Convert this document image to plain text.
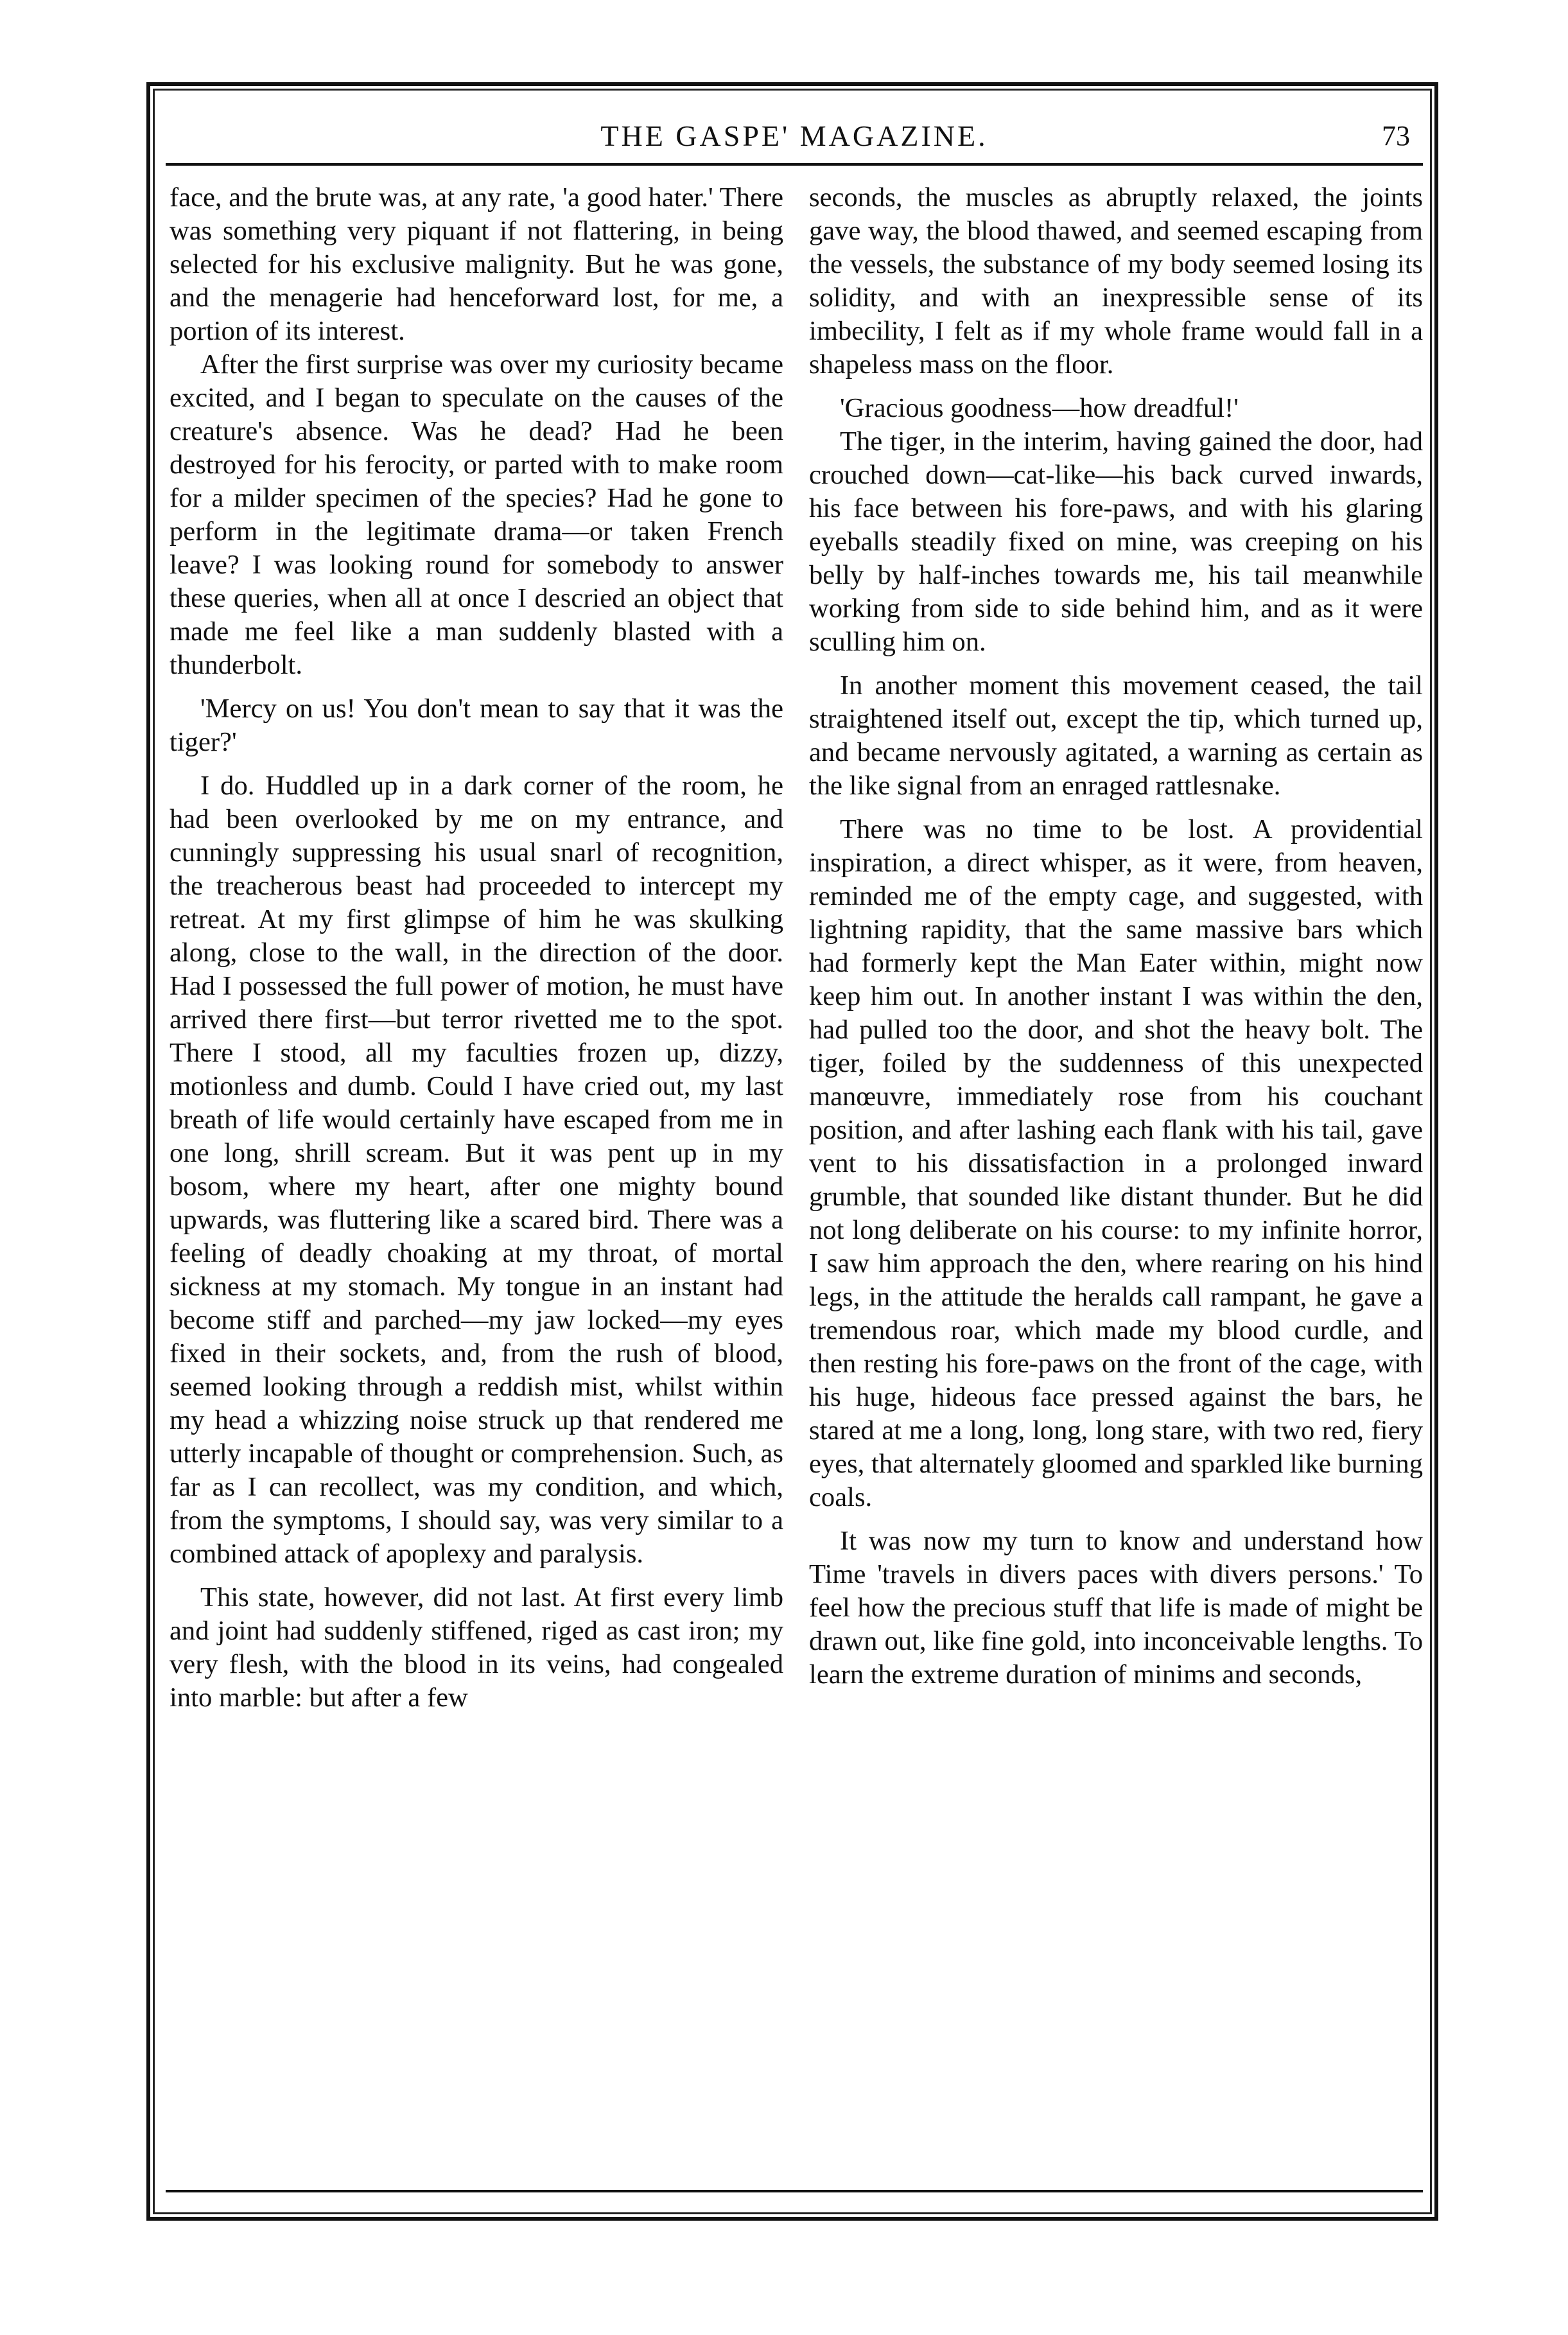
THE GASPE' MAGAZINE.	73

face, and the brute was, at any rate, 'a good hater.' There was something very piquant if not flattering, in being selected for his exclusive malignity. But he was gone, and the menagerie had henceforward lost, for me, a portion of its interest.

After the first surprise was over my curiosity became excited, and I began to speculate on the causes of the creature's absence. Was he dead? Had he been destroyed for his ferocity, or parted with to make room for a milder specimen of the species? Had he gone to perform in the legitimate drama—or taken French leave? I was looking round for somebody to answer these queries, when all at once I descried an object that made me feel like a man suddenly blasted with a thunderbolt.

'Mercy on us! You don't mean to say that it was the tiger?'

I do. Huddled up in a dark corner of the room, he had been overlooked by me on my entrance, and cunningly suppressing his usual snarl of recognition, the treacherous beast had proceeded to intercept my retreat. At my first glimpse of him he was skulking along, close to the wall, in the direction of the door. Had I possessed the full power of motion, he must have arrived there first—but terror rivetted me to the spot. There I stood, all my faculties frozen up, dizzy, motionless and dumb. Could I have cried out, my last breath of life would certainly have escaped from me in one long, shrill scream. But it was pent up in my bosom, where my heart, after one mighty bound upwards, was fluttering like a scared bird. There was a feeling of deadly choaking at my throat, of mortal sickness at my stomach. My tongue in an instant had become stiff and parched—my jaw locked—my eyes fixed in their sockets, and, from the rush of blood, seemed looking through a reddish mist, whilst within my head a whizzing noise struck up that rendered me utterly incapable of thought or comprehension. Such, as far as I can recollect, was my condition, and which, from the symptoms, I should say, was very similar to a combined attack of apoplexy and paralysis.

This state, however, did not last. At first every limb and joint had suddenly stiffened, riged as cast iron; my very flesh, with the blood in its veins, had congealed into marble: but after a few

seconds, the muscles as abruptly relaxed, the joints gave way, the blood thawed, and seemed escaping from the vessels, the substance of my body seemed losing its solidity, and with an inexpressible sense of its imbecility, I felt as if my whole frame would fall in a shapeless mass on the floor.

'Gracious goodness—how dreadful!'

The tiger, in the interim, having gained the door, had crouched down—cat-like—his back curved inwards, his face between his fore-paws, and with his glaring eyeballs steadily fixed on mine, was creeping on his belly by half-inches towards me, his tail meanwhile working from side to side behind him, and as it were sculling him on.

In another moment this movement ceased, the tail straightened itself out, except the tip, which turned up, and became nervously agitated, a warning as certain as the like signal from an enraged rattlesnake.

There was no time to be lost. A providential inspiration, a direct whisper, as it were, from heaven, reminded me of the empty cage, and suggested, with lightning rapidity, that the same massive bars which had formerly kept the Man Eater within, might now keep him out. In another instant I was within the den, had pulled too the door, and shot the heavy bolt. The tiger, foiled by the suddenness of this unexpected manœuvre, immediately rose from his couchant position, and after lashing each flank with his tail, gave vent to his dissatisfaction in a prolonged inward grumble, that sounded like distant thunder. But he did not long deliberate on his course: to my infinite horror, I saw him approach the den, where rearing on his hind legs, in the attitude the heralds call rampant, he gave a tremendous roar, which made my blood curdle, and then resting his fore-paws on the front of the cage, with his huge, hideous face pressed against the bars, he stared at me a long, long, long stare, with two red, fiery eyes, that alternately gloomed and sparkled like burning coals.

It was now my turn to know and understand how Time 'travels in divers paces with divers persons.' To feel how the precious stuff that life is made of might be drawn out, like fine gold, into inconceivable lengths. To learn the extreme duration of minims and seconds,
